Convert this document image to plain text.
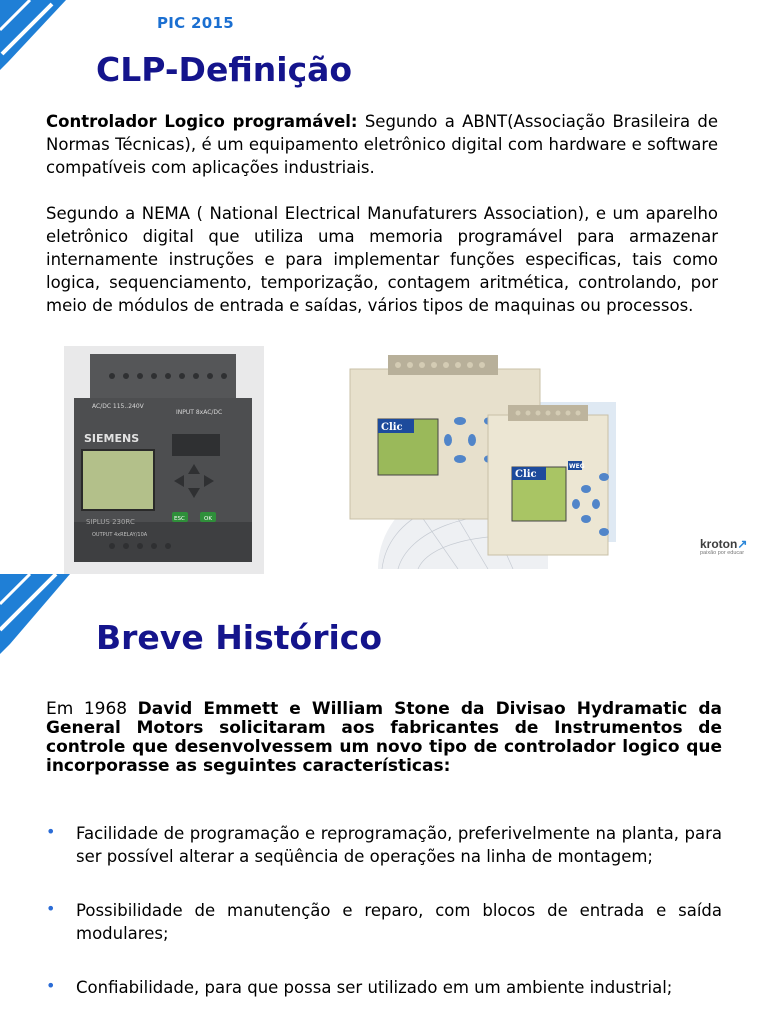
PIC 2015
CLP-Definição
Controlador Logico programável: Segundo a ABNT(Associação Brasileira de Normas Técnicas), é um equipamento eletrônico digital com hardware e software compatíveis com aplicações industriais.
Segundo a NEMA ( National Electrical Manufaturers Association), e um aparelho eletrônico digital que utiliza uma memoria programável para armazenar internamente instruções e para implementar funções especificas, tais como logica, sequenciamento, temporização, contagem aritmética, controlando, por meio de módulos de entrada e saídas, vários tipos de maquinas ou processos.
AC/DC 115..240V
INPUT 8xAC/DC
SIEMENS
ESC	OK
SIPLUS 230RC
OUTPUT 4xRELAY/10A
Clic
Clic
WEG
kroton↗
paixão por educar
Breve Histórico
Em 1968 David Emmett e William Stone da Divisao Hydramatic da General Motors solicitaram aos fabricantes de Instrumentos de controle que desenvolvessem um novo tipo de controlador logico que incorporasse as seguintes características:
• Facilidade de programação e reprogramação, preferivelmente na planta, para ser possível alterar a seqüência de operações na linha de montagem;
• Possibilidade de manutenção e reparo, com blocos de entrada e saída modulares;
• Confiabilidade, para que possa ser utilizado em um ambiente industrial;
